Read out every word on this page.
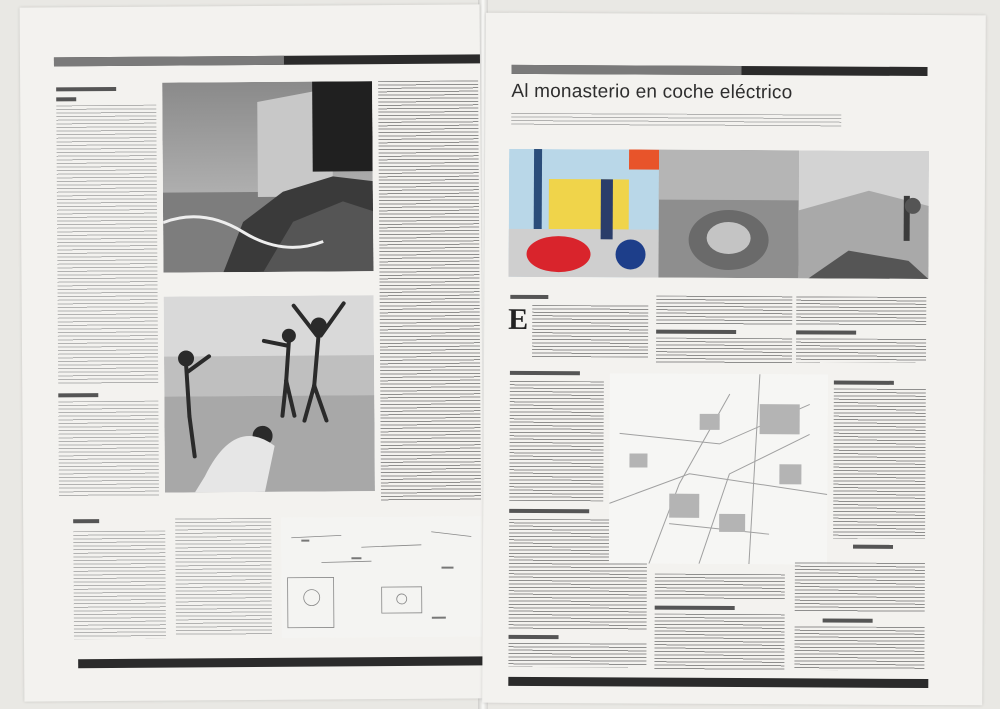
Al monasterio en coche eléctrico
E
